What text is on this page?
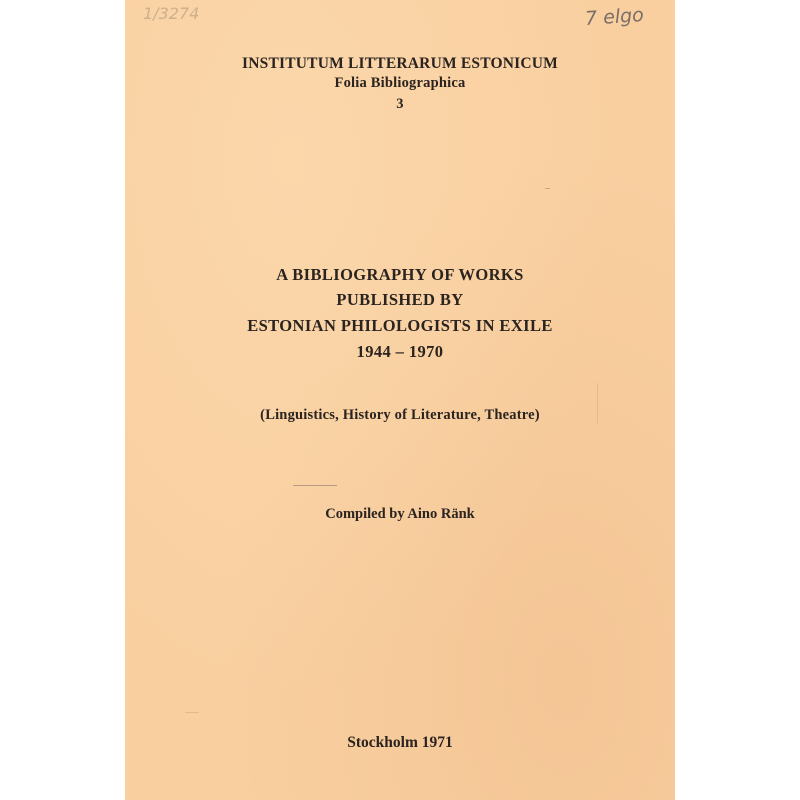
1/3274	7 elgo
INSTITUTUM LITTERARUM ESTONICUM
Folia Bibliographica
3
A BIBLIOGRAPHY OF WORKS
PUBLISHED BY
ESTONIAN PHILOLOGISTS IN EXILE
1944 – 1970
(Linguistics, History of Literature, Theatre)
Compiled by Aino Ränk
Stockholm 1971
